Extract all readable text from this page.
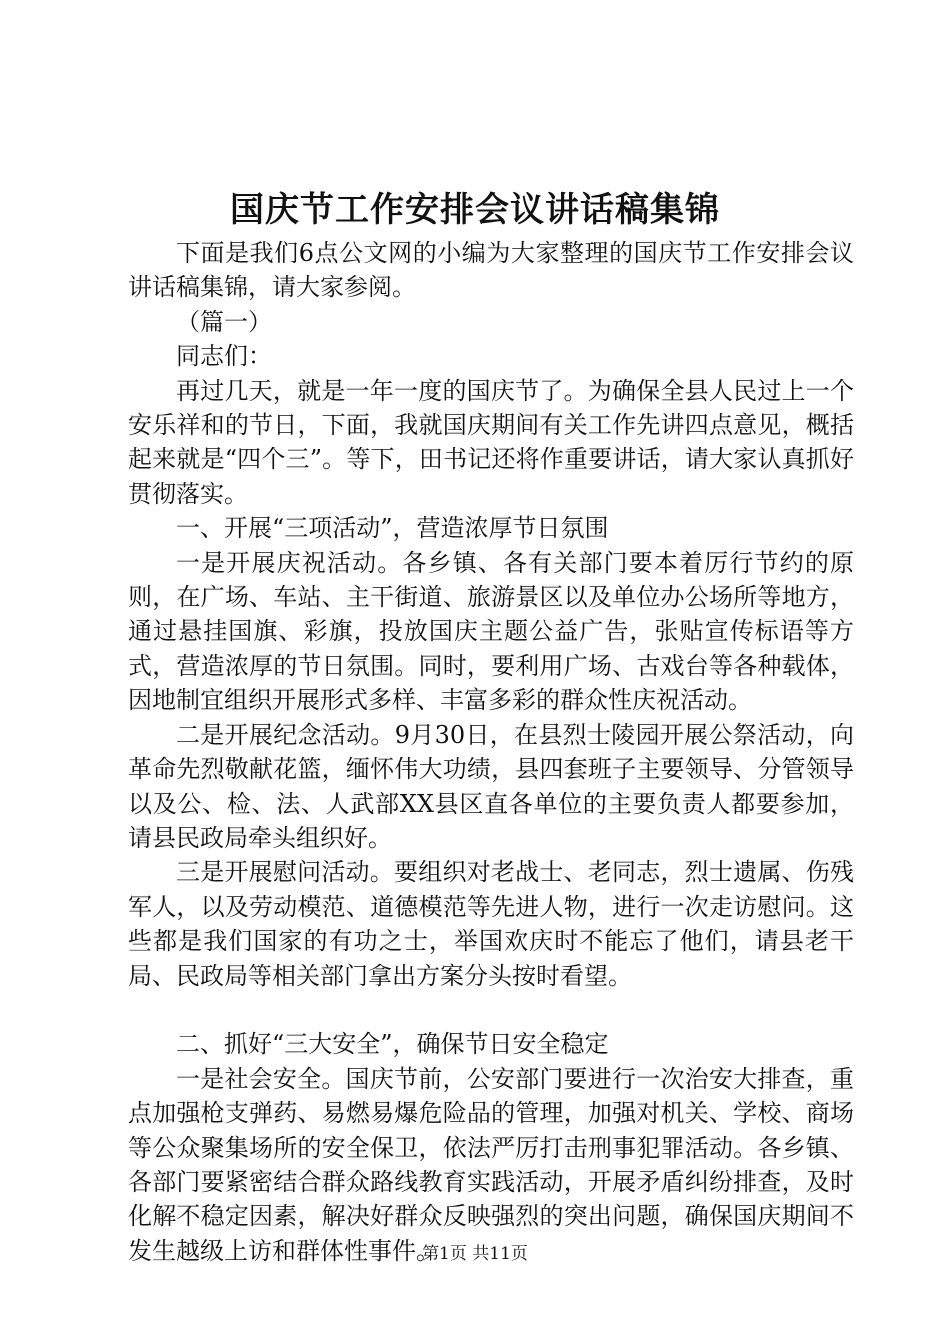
国庆节工作安排会议讲话稿集锦

下面是我们6点公文网的小编为大家整理的国庆节工作安排会议讲话稿集锦，请大家参阅。

（篇一）

同志们：

再过几天，就是一年一度的国庆节了。为确保全县人民过上一个安乐祥和的节日，下面，我就国庆期间有关工作先讲四点意见，概括起来就是“四个三”。等下，田书记还将作重要讲话，请大家认真抓好贯彻落实。

一、开展“三项活动”，营造浓厚节日氛围

一是开展庆祝活动。各乡镇、各有关部门要本着厉行节约的原则，在广场、车站、主干街道、旅游景区以及单位办公场所等地方，通过悬挂国旗、彩旗，投放国庆主题公益广告，张贴宣传标语等方式，营造浓厚的节日氛围。同时，要利用广场、古戏台等各种载体，因地制宜组织开展形式多样、丰富多彩的群众性庆祝活动。

二是开展纪念活动。9月30日，在县烈士陵园开展公祭活动，向革命先烈敬献花篮，缅怀伟大功绩，县四套班子主要领导、分管领导以及公、检、法、人武部XX县区直各单位的主要负责人都要参加，请县民政局牵头组织好。

三是开展慰问活动。要组织对老战士、老同志，烈士遗属、伤残军人，以及劳动模范、道德模范等先进人物，进行一次走访慰问。这些都是我们国家的有功之士，举国欢庆时不能忘了他们，请县老干局、民政局等相关部门拿出方案分头按时看望。

二、抓好“三大安全”，确保节日安全稳定

一是社会安全。国庆节前，公安部门要进行一次治安大排查，重点加强枪支弹药、易燃易爆危险品的管理，加强对机关、学校、商场等公众聚集场所的安全保卫，依法严厉打击刑事犯罪活动。各乡镇、各部门要紧密结合群众路线教育实践活动，开展矛盾纠纷排查，及时化解不稳定因素，解决好群众反映强烈的突出问题，确保国庆期间不发生越级上访和群体性事件。

第1页 共11页
